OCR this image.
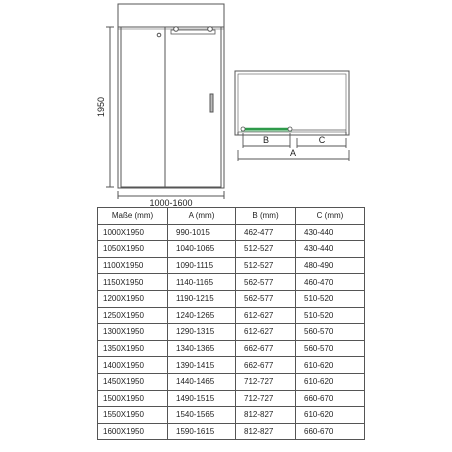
1950
1000-1600
B	C
A
Maße (mm)	A (mm)	B (mm)	C (mm)
1000X1950	990-1015	462-477	430-440
1050X1950	1040-1065	512-527	430-440
1100X1950	1090-1115	512-527	480-490
1150X1950	1140-1165	562-577	460-470
1200X1950	1190-1215	562-577	510-520
1250X1950	1240-1265	612-627	510-520
1300X1950	1290-1315	612-627	560-570
1350X1950	1340-1365	662-677	560-570
1400X1950	1390-1415	662-677	610-620
1450X1950	1440-1465	712-727	610-620
1500X1950	1490-1515	712-727	660-670
1550X1950	1540-1565	812-827	610-620
1600X1950	1590-1615	812-827	660-670
